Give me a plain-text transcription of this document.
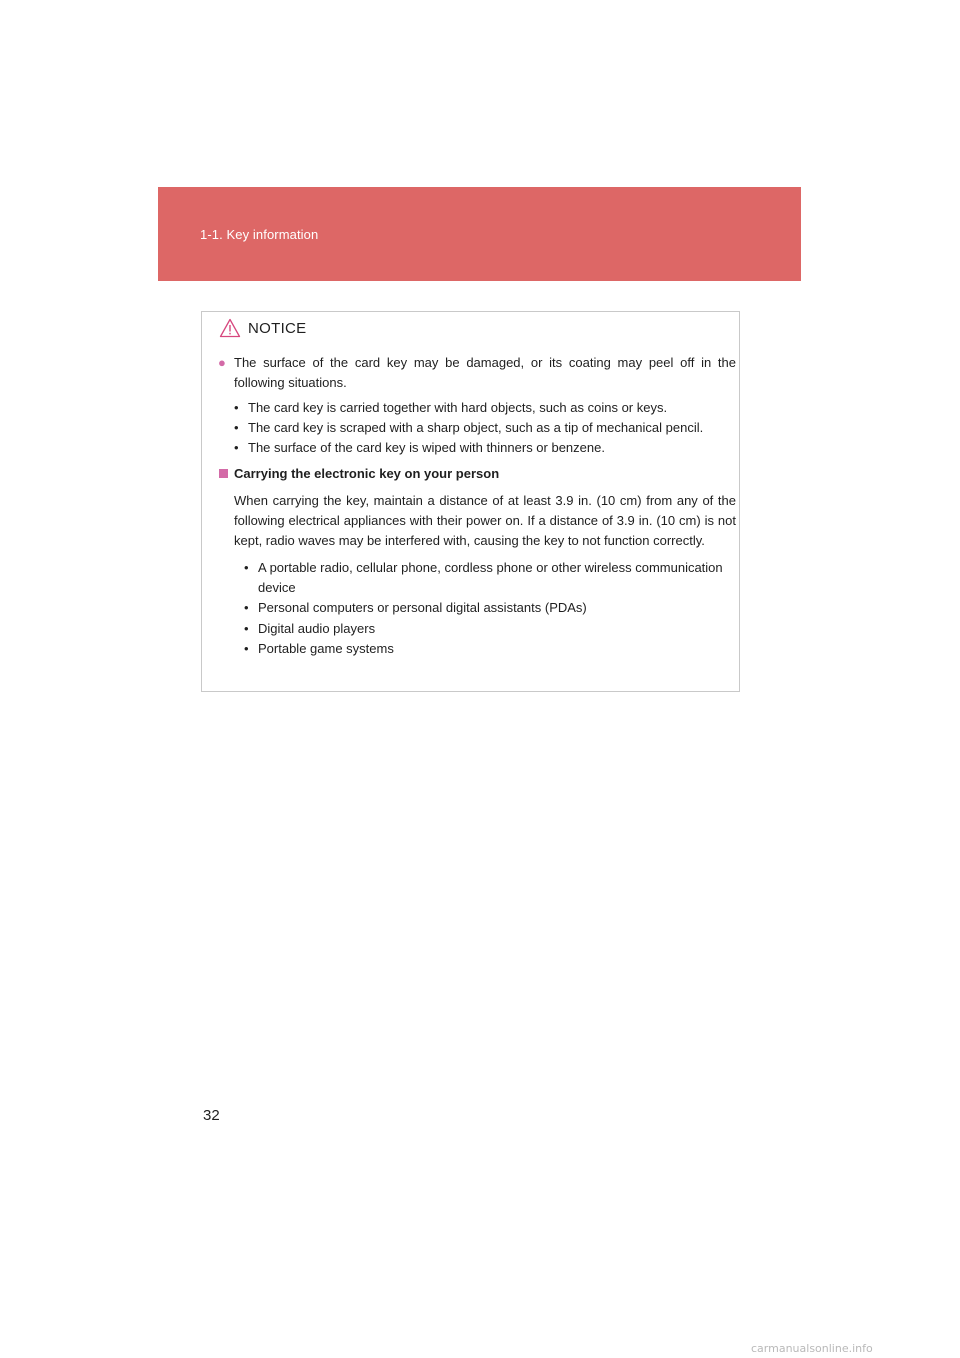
1-1. Key information
NOTICE
● The surface of the card key may be damaged, or its coating may peel off in the following situations.
• The card key is carried together with hard objects, such as coins or keys.
• The card key is scraped with a sharp object, such as a tip of mechanical pencil.
• The surface of the card key is wiped with thinners or benzene.
Carrying the electronic key on your person
When carrying the key, maintain a distance of at least 3.9 in. (10 cm) from any of the following electrical appliances with their power on. If a distance of 3.9 in. (10 cm) is not kept, radio waves may be interfered with, causing the key to not function correctly.
• A portable radio, cellular phone, cordless phone or other wireless communication device
• Personal computers or personal digital assistants (PDAs)
• Digital audio players
• Portable game systems
32
carmanualsonline.info
